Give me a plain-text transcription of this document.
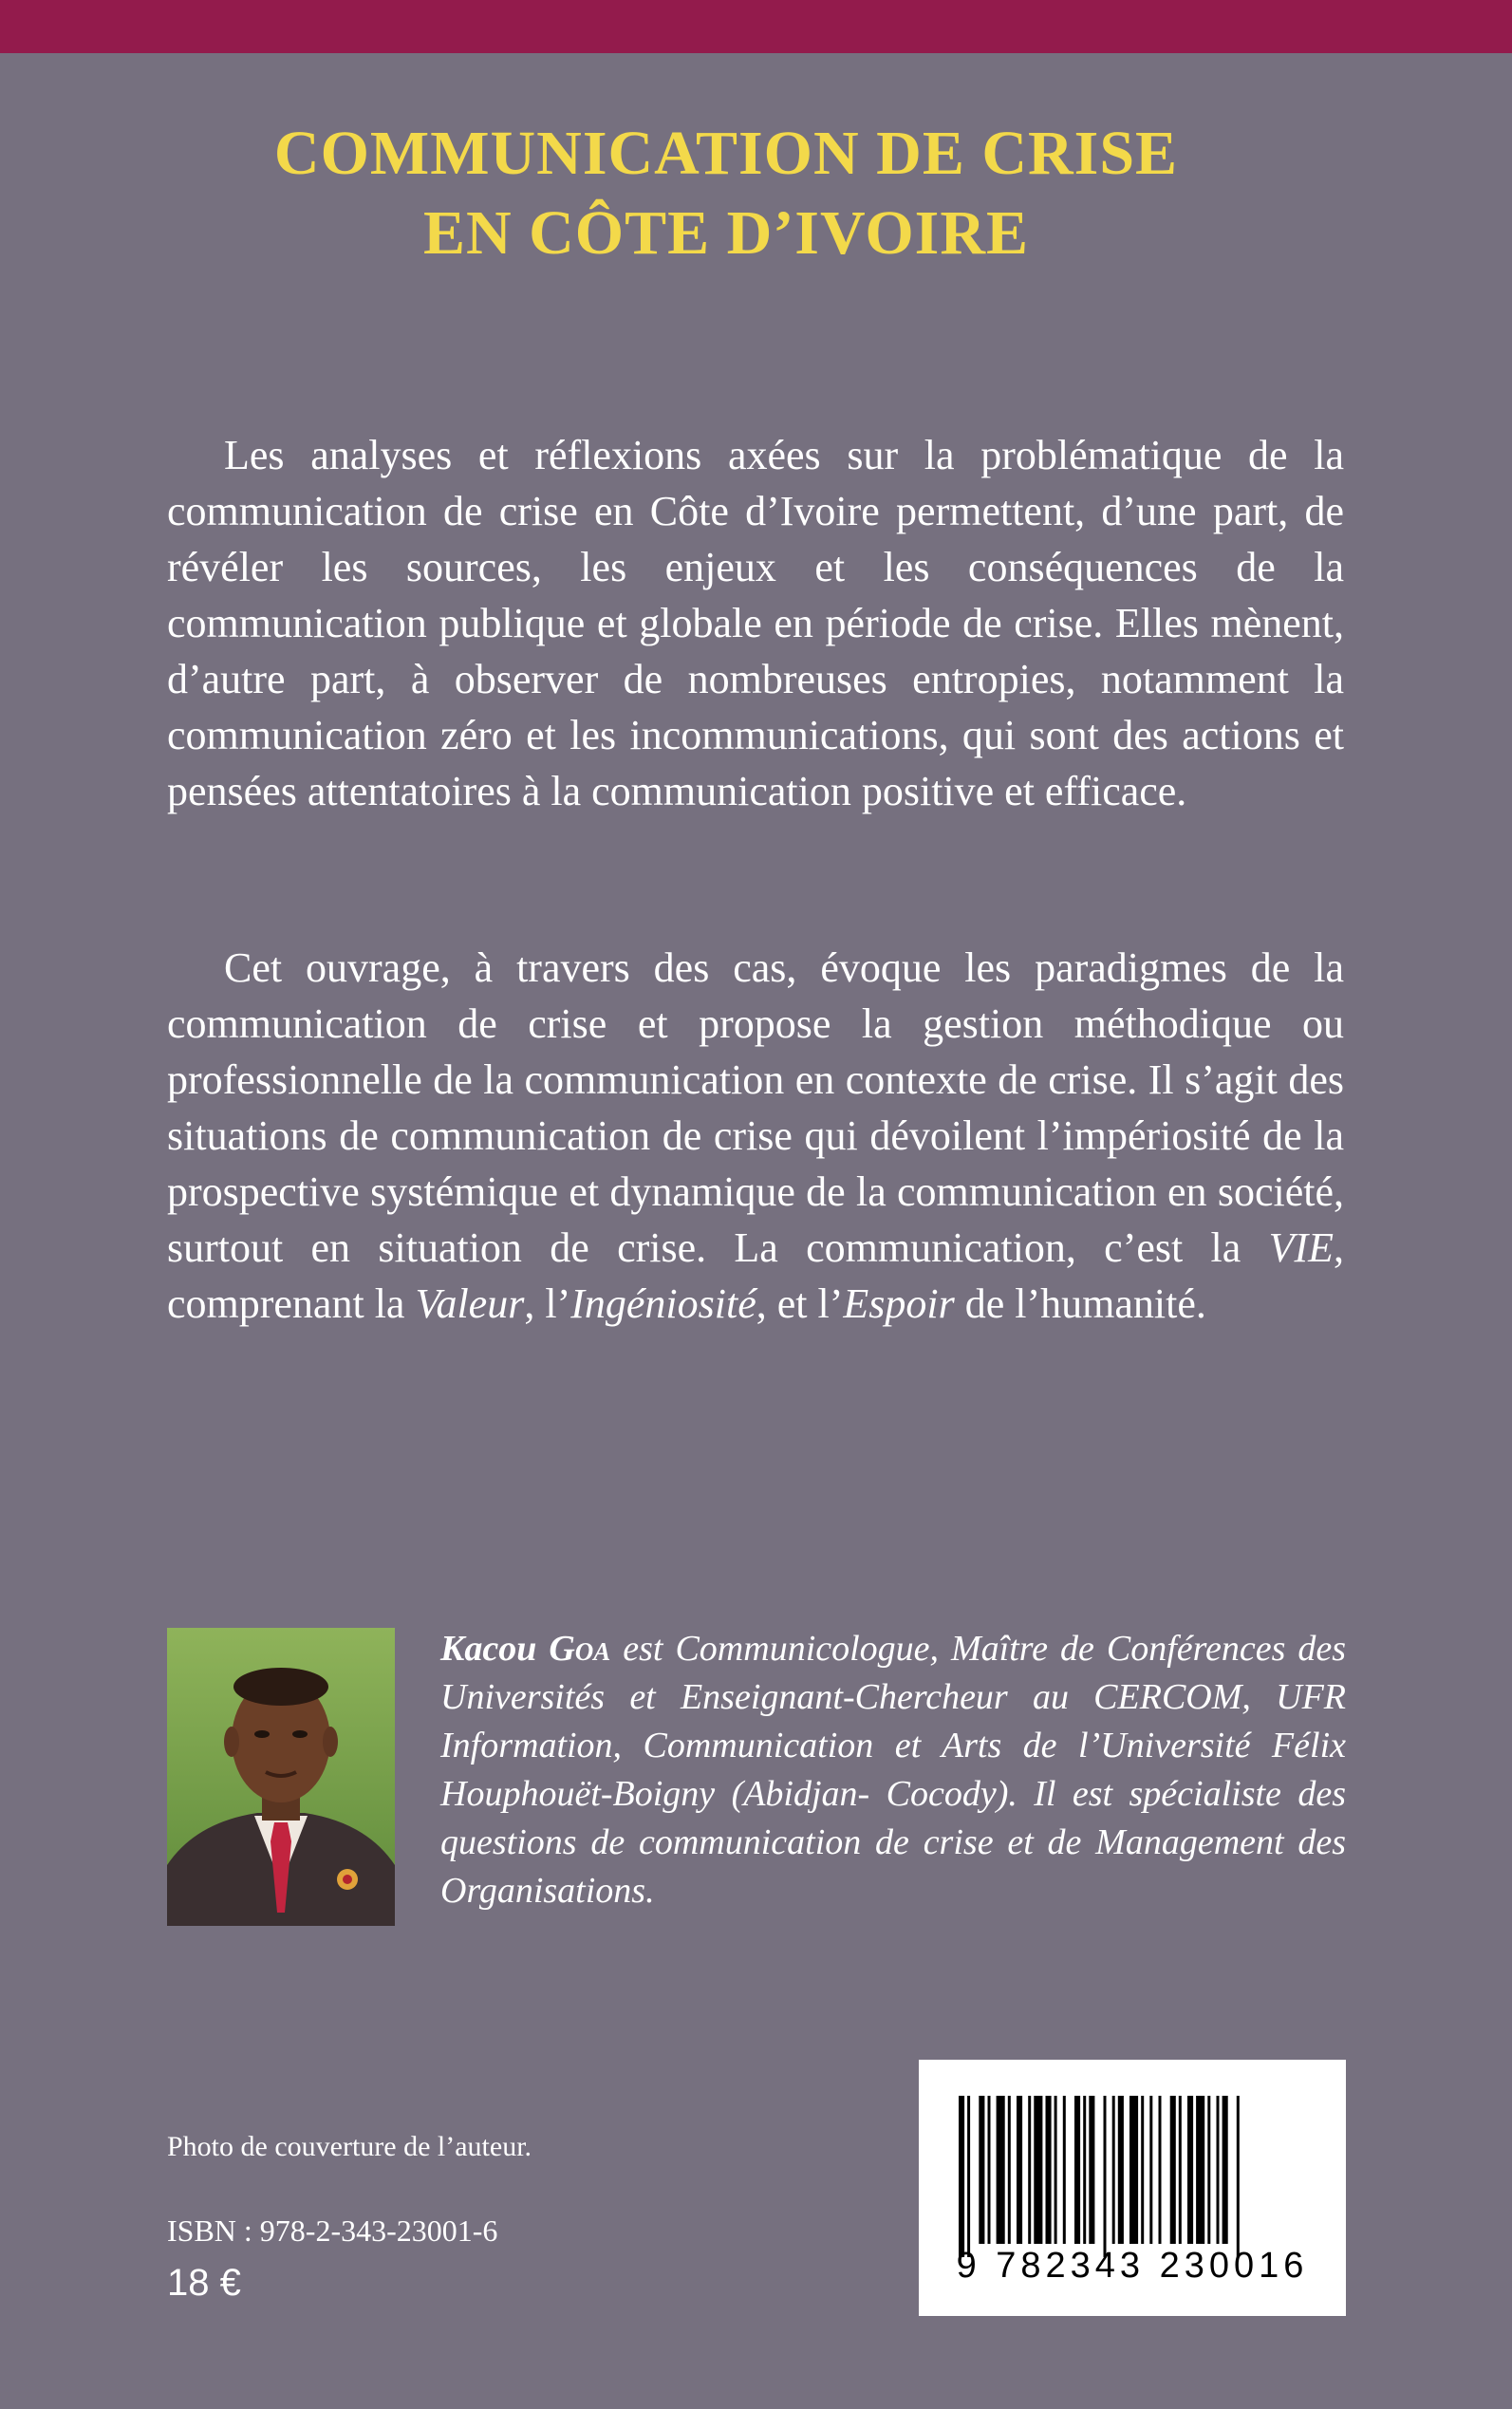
COMMUNICATION DE CRISE
EN CÔTE D’IVOIRE

Les analyses et réflexions axées sur la problématique de la communication de crise en Côte d’Ivoire permettent, d’une part, de révéler les sources, les enjeux et les conséquences de la communication publique et globale en période de crise. Elles mènent, d’autre part, à observer de nombreuses entropies, notamment la communication zéro et les incommunications, qui sont des actions et pensées attentatoires à la communication positive et efficace.

Cet ouvrage, à travers des cas, évoque les paradigmes de la communication de crise et propose la gestion méthodique ou professionnelle de la communication en contexte de crise. Il s’agit des situations de communication de crise qui dévoilent l’impériosité de la prospective systémique et dynamique de la communication en société, surtout en situation de crise. La communication, c’est la VIE, comprenant la Valeur, l’Ingéniosité, et l’Espoir de l’humanité.

Kacou Goa est Communicologue, Maître de Conférences des Universités et Enseignant-Chercheur au CERCOM, UFR Information, Communication et Arts de l’Université Félix Houphouët-Boigny (Abidjan- Cocody). Il est spécialiste des questions de communication de crise et de Management des Organisations.

Photo de couverture de l’auteur.
ISBN : 978-2-343-23001-6
18 €	9 782343 230016
